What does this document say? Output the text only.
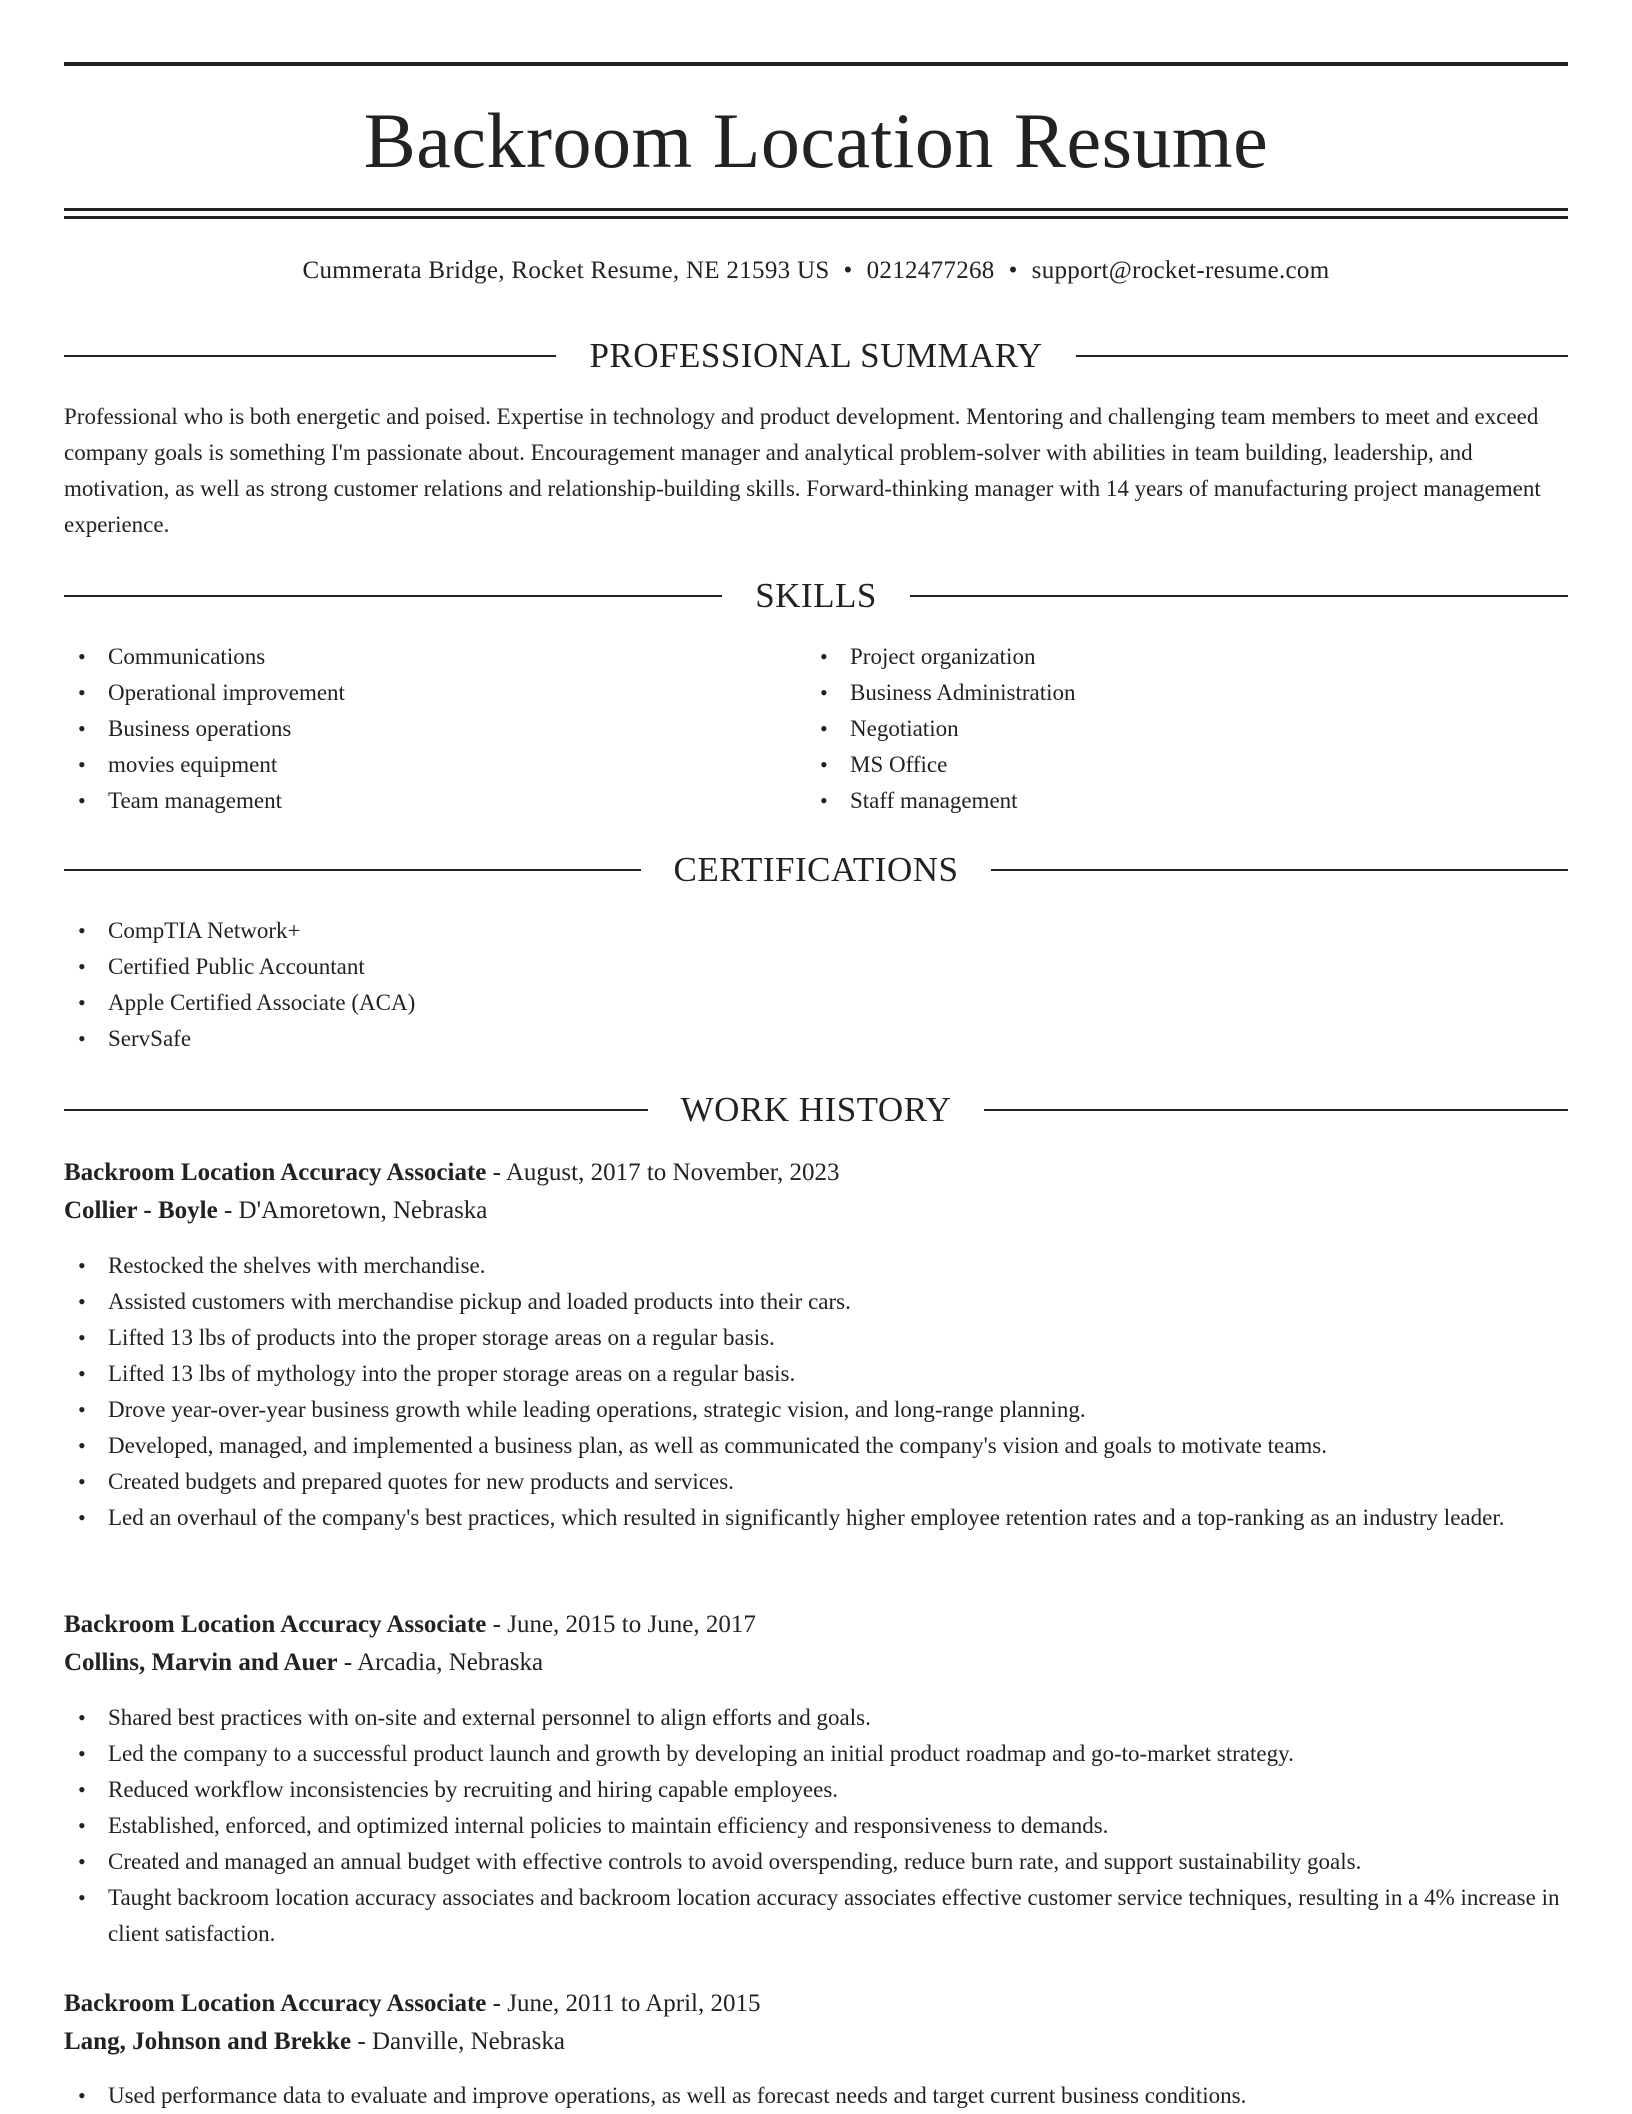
Backroom Location Resume
Cummerata Bridge, Rocket Resume, NE 21593 US • 0212477268 • support@rocket-resume.com
PROFESSIONAL SUMMARY

Professional who is both energetic and poised. Expertise in technology and product development. Mentoring and challenging team members to meet and exceed company goals is something I'm passionate about. Encouragement manager and analytical problem-solver with abilities in team building, leadership, and motivation, as well as strong customer relations and relationship-building skills. Forward-thinking manager with 14 years of manufacturing project management experience.

SKILLS
• Communications
• Operational improvement
• Business operations
• movies equipment
• Team management
• Project organization
• Business Administration
• Negotiation
• MS Office
• Staff management
CERTIFICATIONS
• CompTIA Network+
• Certified Public Accountant
• Apple Certified Associate (ACA)
• ServSafe
WORK HISTORY
Backroom Location Accuracy Associate - August, 2017 to November, 2023
Collier - Boyle - D'Amoretown, Nebraska
• Restocked the shelves with merchandise.
• Assisted customers with merchandise pickup and loaded products into their cars.
• Lifted 13 lbs of products into the proper storage areas on a regular basis.
• Lifted 13 lbs of mythology into the proper storage areas on a regular basis.
• Drove year-over-year business growth while leading operations, strategic vision, and long-range planning.
• Developed, managed, and implemented a business plan, as well as communicated the company's vision and goals to motivate teams.
• Created budgets and prepared quotes for new products and services.
• Led an overhaul of the company's best practices, which resulted in significantly higher employee retention rates and a top-ranking as an industry leader.
Backroom Location Accuracy Associate - June, 2015 to June, 2017
Collins, Marvin and Auer - Arcadia, Nebraska
• Shared best practices with on-site and external personnel to align efforts and goals.
• Led the company to a successful product launch and growth by developing an initial product roadmap and go-to-market strategy.
• Reduced workflow inconsistencies by recruiting and hiring capable employees.
• Established, enforced, and optimized internal policies to maintain efficiency and responsiveness to demands.
• Created and managed an annual budget with effective controls to avoid overspending, reduce burn rate, and support sustainability goals.
• Taught backroom location accuracy associates and backroom location accuracy associates effective customer service techniques, resulting in a 4% increase in client satisfaction.
Backroom Location Accuracy Associate - June, 2011 to April, 2015
Lang, Johnson and Brekke - Danville, Nebraska
• Used performance data to evaluate and improve operations, as well as forecast needs and target current business conditions.
